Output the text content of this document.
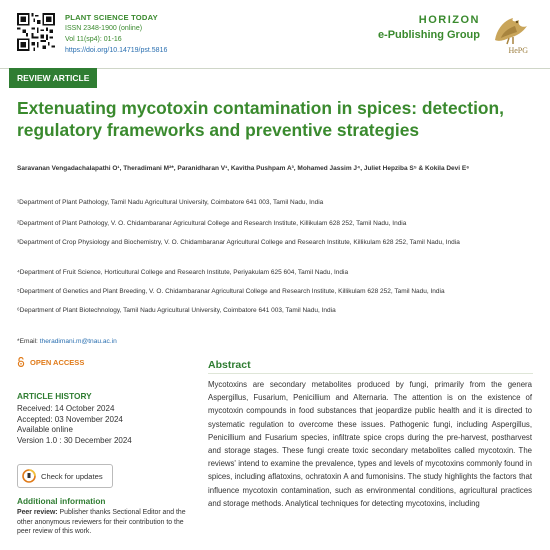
PLANT SCIENCE TODAY
ISSN 2348-1900 (online)
Vol 11(sp4): 01-16
https://doi.org/10.14719/pst.5816
HORIZON
e-Publishing Group
HePG
REVIEW ARTICLE
Extenuating mycotoxin contamination in spices: detection, regulatory frameworks and preventive strategies
Saravanan Vengadachalapathi O¹, Theradimani M²*, Paranidharan V¹, Kavitha Pushpam A³, Mohamed Jassim J⁴, Juliet Hepziba S⁵ & Kokila Devi E⁶
¹Department of Plant Pathology, Tamil Nadu Agricultural University, Coimbatore 641 003, Tamil Nadu, India
²Department of Plant Pathology, V. O. Chidambaranar Agricultural College and Research Institute, Killikulam 628 252, Tamil Nadu, India
³Department of Crop Physiology and Biochemistry, V. O. Chidambaranar Agricultural College and Research Institute, Killikulam 628 252, Tamil Nadu, India
⁴Department of Fruit Science, Horticultural College and Research Institute, Periyakulam 625 604, Tamil Nadu, India
⁵Department of Genetics and Plant Breeding, V. O. Chidambaranar Agricultural College and Research Institute, Killikulam 628 252, Tamil Nadu, India
⁶Department of Plant Biotechnology, Tamil Nadu Agricultural University, Coimbatore 641 003, Tamil Nadu, India
*Email: theradimani.m@tnau.ac.in
OPEN ACCESS
ARTICLE HISTORY
Received: 14 October 2024
Accepted: 03 November 2024
Available online
Version 1.0 : 30 December 2024
Check for updates
Additional information
Peer review: Publisher thanks Sectional Editor and the other anonymous reviewers for their contribution to the peer review of this work.
Abstract
Mycotoxins are secondary metabolites produced by fungi, primarily from the genera Aspergillus, Fusarium, Penicillium and Alternaria. The attention is on the existence of mycotoxin compounds in food substances that jeopardize public health and it is directed to systematic regulation to overcome these issues. Pathogenic fungi, including Aspergillus, Penicillium and Fusarium species, infiltrate spice crops during the pre-harvest, postharvest and storage stages. These fungi create toxic secondary metabolites called mycotoxin. The reviews' intend to examine the prevalence, types and levels of mycotoxins commonly found in spices, including aflatoxins, ochratoxin A and fumonisins. The study highlights the factors that influence mycotoxin contamination, such as environmental conditions, agricultural practices and storage methods. Analytical techniques for detecting mycotoxins, including
